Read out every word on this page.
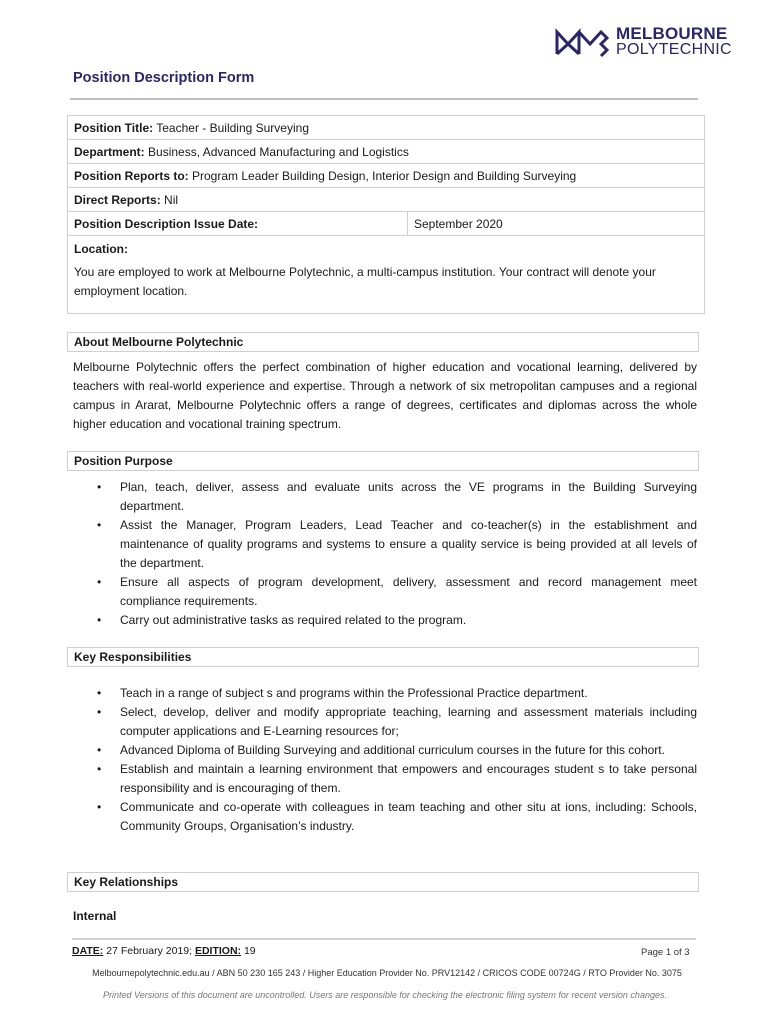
MELBOURNE
POLYTECHNIC
Position Description Form
Position Title: Teacher - Building Surveying
Department: Business, Advanced Manufacturing and Logistics
Position Reports to: Program Leader Building Design, Interior Design and Building Surveying
Direct Reports: Nil
Position Description Issue Date:	September 2020

Location:
You are employed to work at Melbourne Polytechnic, a multi-campus institution. Your contract will denote your employment location.
About Melbourne Polytechnic
Melbourne Polytechnic offers the perfect combination of higher education and vocational learning, delivered by teachers with real-world experience and expertise. Through a network of six metropolitan campuses and a regional campus in Ararat, Melbourne Polytechnic offers a range of degrees, certificates and diplomas across the whole higher education and vocational training spectrum.
Position Purpose
• Plan, teach, deliver, assess and evaluate units across the VE programs in the Building Surveying department.
• Assist the Manager, Program Leaders, Lead Teacher and co-teacher(s) in the establishment and maintenance of quality programs and systems to ensure a quality service is being provided at all levels of the department.
• Ensure all aspects of program development, delivery, assessment and record management meet compliance requirements.
• Carry out administrative tasks as required related to the program.
Key Responsibilities
• Teach in a range of subject s and programs within the Professional Practice department.
• Select, develop, deliver and modify appropriate teaching, learning and assessment materials including computer applications and E-Learning resources for;
• Advanced Diploma of Building Surveying and additional curriculum courses in the future for this cohort.
• Establish and maintain a learning environment that empowers and encourages student s to take personal responsibility and is encouraging of them.
• Communicate and co-operate with colleagues in team teaching and other situ at ions, including: Schools, Community Groups, Organisation’s industry.
Key Relationships
Internal
DATE: 27 February 2019; EDITION: 19	Page 1 of 3
Melbournepolytechnic.edu.au / ABN 50 230 165 243 / Higher Education Provider No. PRV12142 / CRICOS CODE 00724G / RTO Provider No. 3075
Printed Versions of this document are uncontrolled. Users are responsible for checking the electronic filing system for recent version changes.
